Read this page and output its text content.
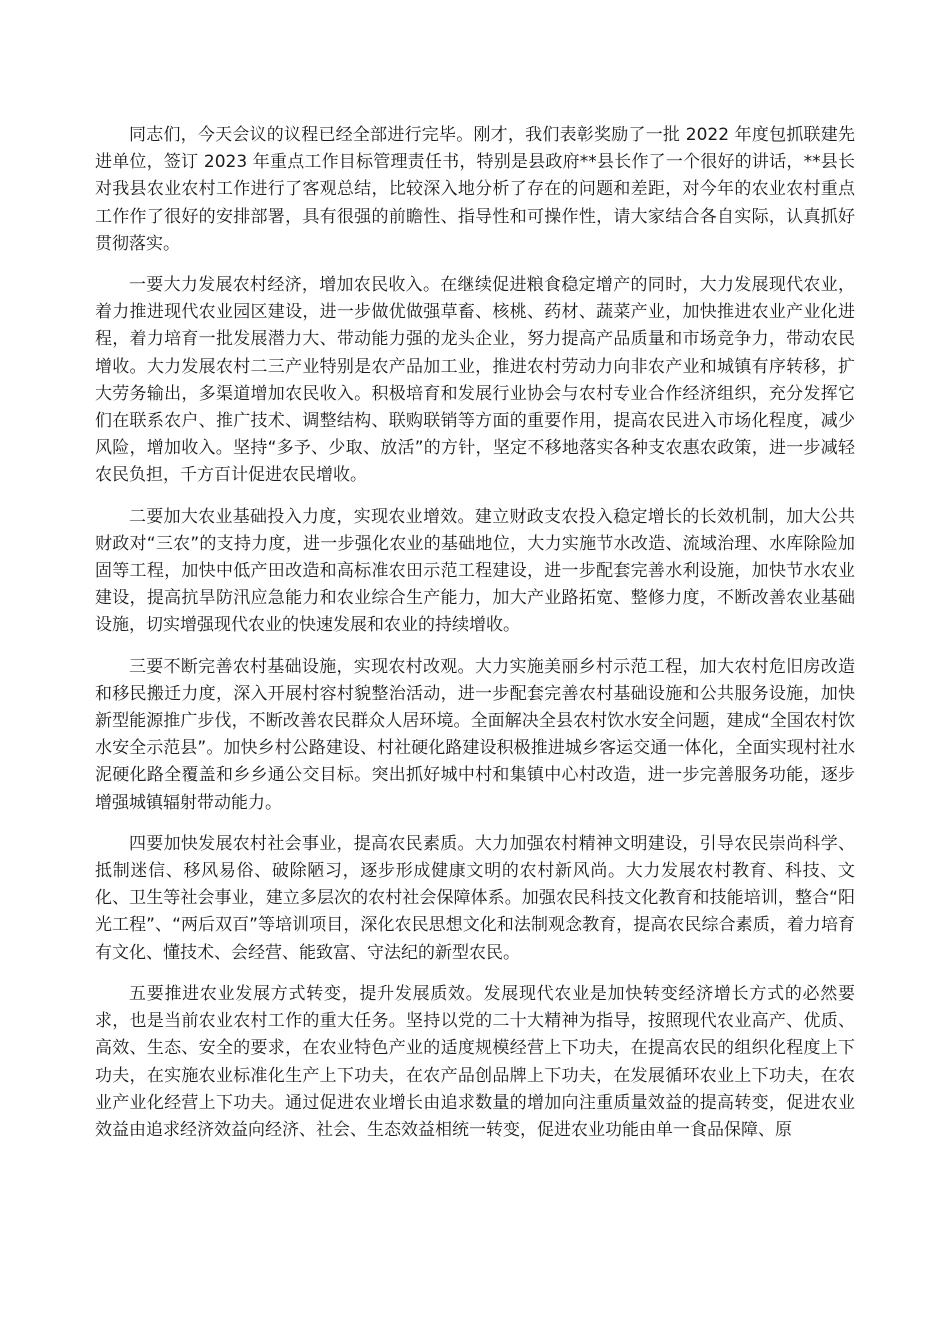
同志们，今天会议的议程已经全部进行完毕。刚才，我们表彰奖励了一批 2022 年度包抓联建先进单位，签订 2023 年重点工作目标管理责任书，特别是县政府**县长作了一个很好的讲话，**县长对我县农业农村工作进行了客观总结，比较深入地分析了存在的问题和差距，对今年的农业农村重点工作作了很好的安排部署，具有很强的前瞻性、指导性和可操作性，请大家结合各自实际，认真抓好贯彻落实。

一要大力发展农村经济，增加农民收入。在继续促进粮食稳定增产的同时，大力发展现代农业，着力推进现代农业园区建设，进一步做优做强草畜、核桃、药材、蔬菜产业，加快推进农业产业化进程，着力培育一批发展潜力大、带动能力强的龙头企业，努力提高产品质量和市场竞争力，带动农民增收。大力发展农村二三产业特别是农产品加工业，推进农村劳动力向非农产业和城镇有序转移，扩大劳务输出，多渠道增加农民收入。积极培育和发展行业协会与农村专业合作经济组织，充分发挥它们在联系农户、推广技术、调整结构、联购联销等方面的重要作用，提高农民进入市场化程度，减少风险，增加收入。坚持“多予、少取、放活”的方针，坚定不移地落实各种支农惠农政策，进一步减轻农民负担，千方百计促进农民增收。

二要加大农业基础投入力度，实现农业增效。建立财政支农投入稳定增长的长效机制，加大公共财政对“三农”的支持力度，进一步强化农业的基础地位，大力实施节水改造、流域治理、水库除险加固等工程，加快中低产田改造和高标准农田示范工程建设，进一步配套完善水利设施，加快节水农业建设，提高抗旱防汛应急能力和农业综合生产能力，加大产业路拓宽、整修力度，不断改善农业基础设施，切实增强现代农业的快速发展和农业的持续增收。

三要不断完善农村基础设施，实现农村改观。大力实施美丽乡村示范工程，加大农村危旧房改造和移民搬迁力度，深入开展村容村貌整治活动，进一步配套完善农村基础设施和公共服务设施，加快新型能源推广步伐，不断改善农民群众人居环境。全面解决全县农村饮水安全问题，建成“全国农村饮水安全示范县”。加快乡村公路建设、村社硬化路建设积极推进城乡客运交通一体化，全面实现村社水泥硬化路全覆盖和乡乡通公交目标。突出抓好城中村和集镇中心村改造，进一步完善服务功能，逐步增强城镇辐射带动能力。

四要加快发展农村社会事业，提高农民素质。大力加强农村精神文明建设，引导农民崇尚科学、抵制迷信、移风易俗、破除陋习，逐步形成健康文明的农村新风尚。大力发展农村教育、科技、文化、卫生等社会事业，建立多层次的农村社会保障体系。加强农民科技文化教育和技能培训，整合“阳光工程”、“两后双百”等培训项目，深化农民思想文化和法制观念教育，提高农民综合素质，着力培育有文化、懂技术、会经营、能致富、守法纪的新型农民。

五要推进农业发展方式转变，提升发展质效。发展现代农业是加快转变经济增长方式的必然要求，也是当前农业农村工作的重大任务。坚持以党的二十大精神为指导，按照现代农业高产、优质、高效、生态、安全的要求，在农业特色产业的适度规模经营上下功夫，在提高农民的组织化程度上下功夫，在实施农业标准化生产上下功夫，在农产品创品牌上下功夫，在发展循环农业上下功夫，在农业产业化经营上下功夫。通过促进农业增长由追求数量的增加向注重质量效益的提高转变，促进农业效益由追求经济效益向经济、社会、生态效益相统一转变，促进农业功能由单一食品保障、原
